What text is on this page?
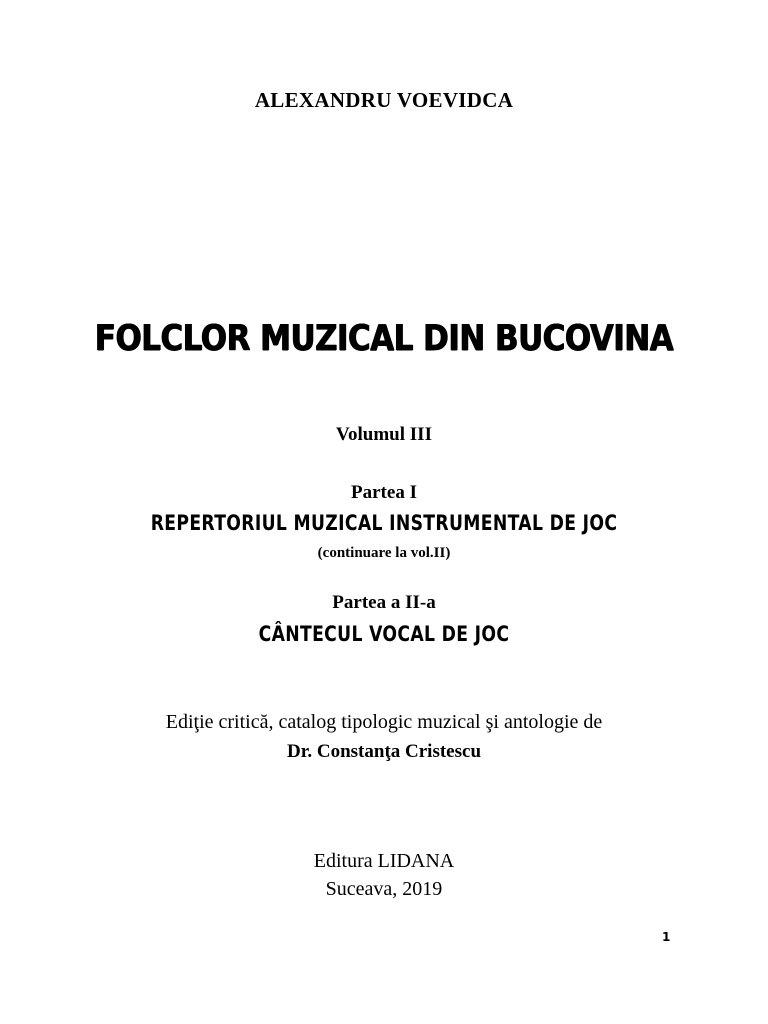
ALEXANDRU VOEVIDCA
FOLCLOR MUZICAL DIN BUCOVINA
Volumul III
Partea I
REPERTORIUL MUZICAL INSTRUMENTAL DE JOC
(continuare la vol.II)
Partea a II-a
CÂNTECUL VOCAL DE JOC
Ediţie critică, catalog tipologic muzical şi antologie de
Dr. Constanţa Cristescu
Editura LIDANA
Suceava, 2019
1
